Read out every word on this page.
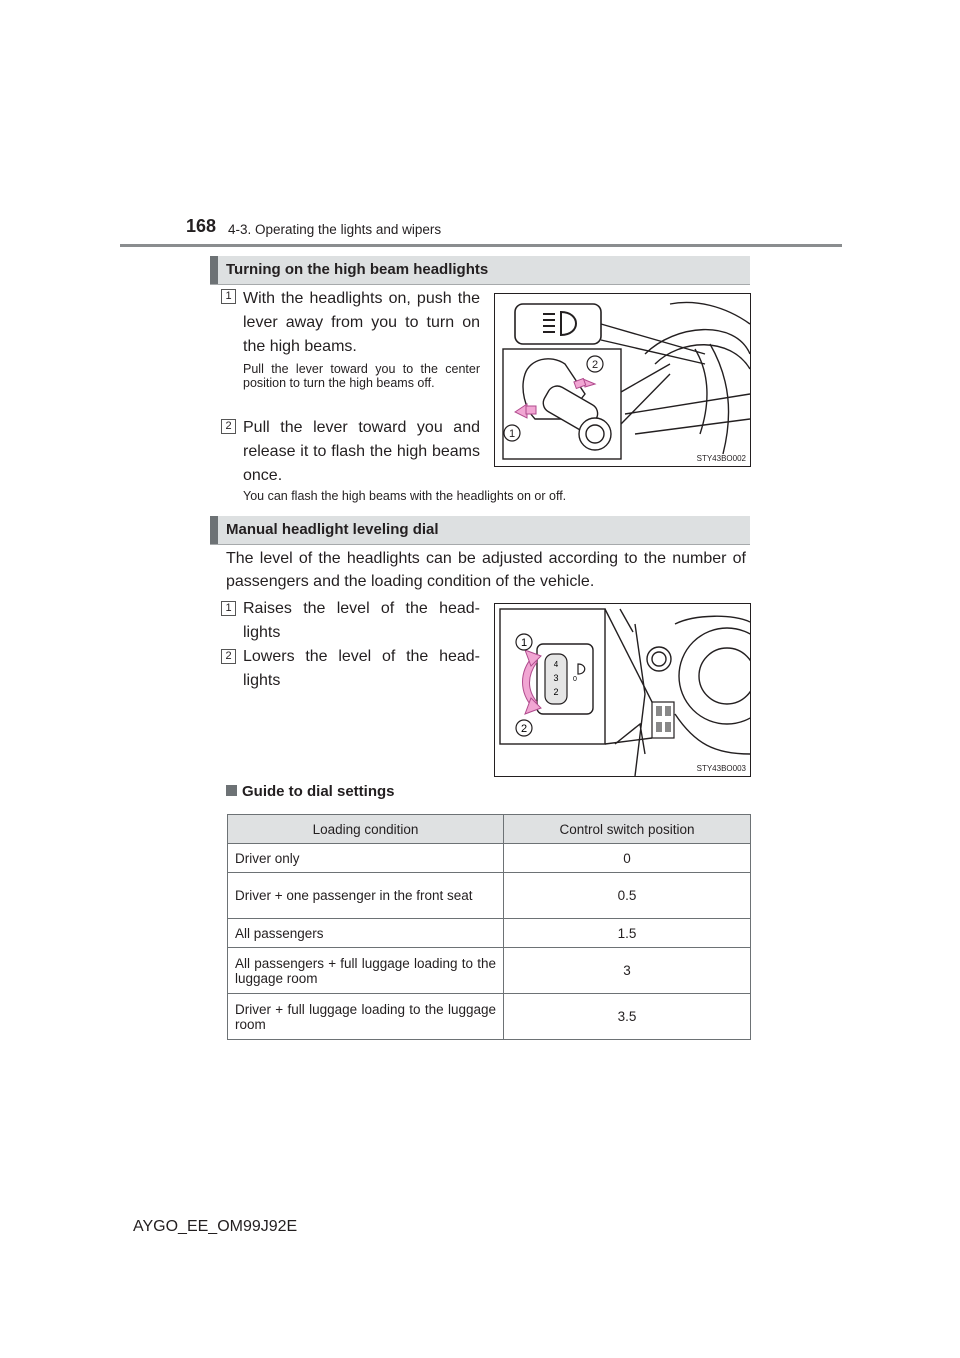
168 4-3. Operating the lights and wipers
Turning on the high beam headlights
1 With the headlights on, push the lever away from you to turn on the high beams.
Pull the lever toward you to the center position to turn the high beams off.
2 Pull the lever toward you and release it to flash the high beams once.
You can flash the high beams with the headlights on or off.
2
1
STY43BO002
Manual headlight leveling dial
The level of the headlights can be adjusted according to the number of passengers and the loading condition of the vehicle.
1 Raises the level of the head-lights
2 Lowers the level of the head-lights
4
3
2
0
1
2
STY43BO003
Guide to dial settings
Loading condition	Control switch position
Driver only	0
Driver + one passenger in the front seat	0.5
All passengers	1.5
All passengers + full luggage loading to the luggage room	3
Driver + full luggage loading to the luggage room	3.5
AYGO_EE_OM99J92E
